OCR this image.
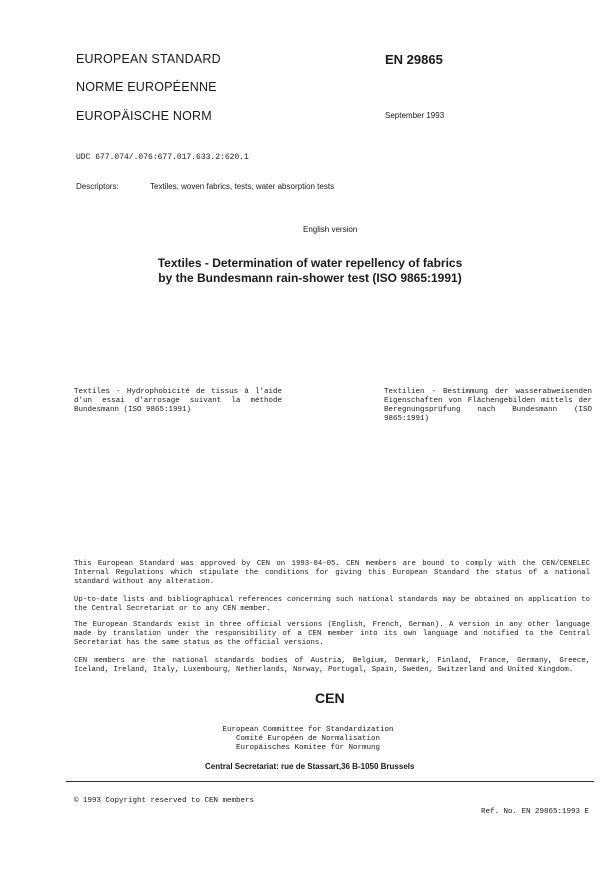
EUROPEAN STANDARD
NORME EUROPÉENNE
EUROPÄISCHE NORM
EN 29865
September 1993
UDC 677.074/.076:677.017.633.2:620.1
Descriptors:	Textiles, woven fabrics, tests, water absorption tests
English version
Textiles - Determination of water repellency of fabrics by the Bundesmann rain-shower test (ISO 9865:1991)
Textiles - Hydrophobicité de tissus à l'aide d'un essai d'arrosage suivant la méthode Bundesmann (ISO 9865:1991)
Textilien - Bestimmung der wasserabweisenden Eigenschaften von Flächengebilden mittels der Beregnungsprüfung nach Bundesmann (ISO 9865:1991)
This European Standard was approved by CEN on 1993-04-05. CEN members are bound to comply with the CEN/CENELEC Internal Regulations which stipulate the conditions for giving this European Standard the status of a national standard without any alteration.
Up-to-date lists and bibliographical references concerning such national standards may be obtained on application to the Central Secretariat or to any CEN member.
The European Standards exist in three official versions (English, French, German). A version in any other language made by translation under the responsibility of a CEN member into its own language and notified to the Central Secretariat has the same status as the official versions.
CEN members are the national standards bodies of Austria, Belgium, Denmark, Finland, France, Germany, Greece, Iceland, Ireland, Italy, Luxembourg, Netherlands, Norway, Portugal, Spain, Sweden, Switzerland and United Kingdom.
CEN
European Committee for Standardization
Comité Européen de Normalisation
Europäisches Komitee für Normung
Central Secretariat: rue de Stassart,36 B-1050 Brussels
© 1993 Copyright reserved to CEN members
Ref. No. EN 29865:1993 E
